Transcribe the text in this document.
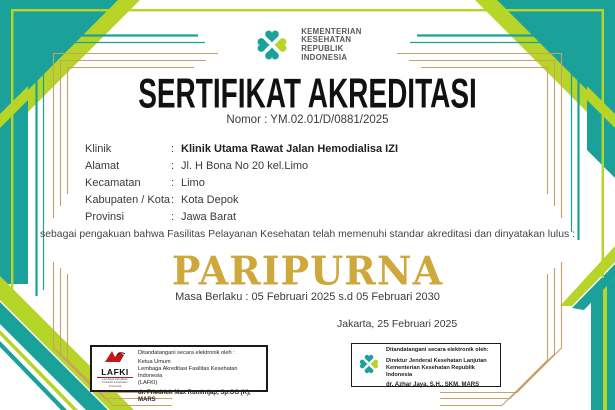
KEMENTERIAN
KESEHATAN
REPUBLIK
INDONESIA
SERTIFIKAT AKREDITASI
Nomor : YM.02.01/D/0881/2025
Klinik	: Klinik Utama Rawat Jalan Hemodialisa IZI
Alamat	: Jl. H Bona No 20 kel.Limo
Kecamatan	: Limo
Kabupaten / Kota: Kota Depok
Provinsi	: Jawa Barat
sebagai pengakuan bahwa Fasilitas Pelayanan Kesehatan telah memenuhi standar akreditasi dan dinyatakan lulus :
PARIPURNA
Masa Berlaku : 05 Februari 2025 s.d 05 Februari 2030
Jakarta, 25 Februari 2025
LAFKI
Lembaga Akreditasi Fasilitas Kesehatan Indonesia
Ditandatangani secara elektronik oleh :
Ketua Umum
Lembaga Akreditasi Fasilitas Kesehatan Indonesia
(LAFKI)
dr. Friedrich Max Rumintjap, Sp.OG (K), MARS
Ditandatangani secara elektronik oleh:
Direktur Jenderal Kesehatan Lanjutan
Kementerian Kesehatan Republik Indonesia
dr. Azhar Jaya, S.H., SKM, MARS
